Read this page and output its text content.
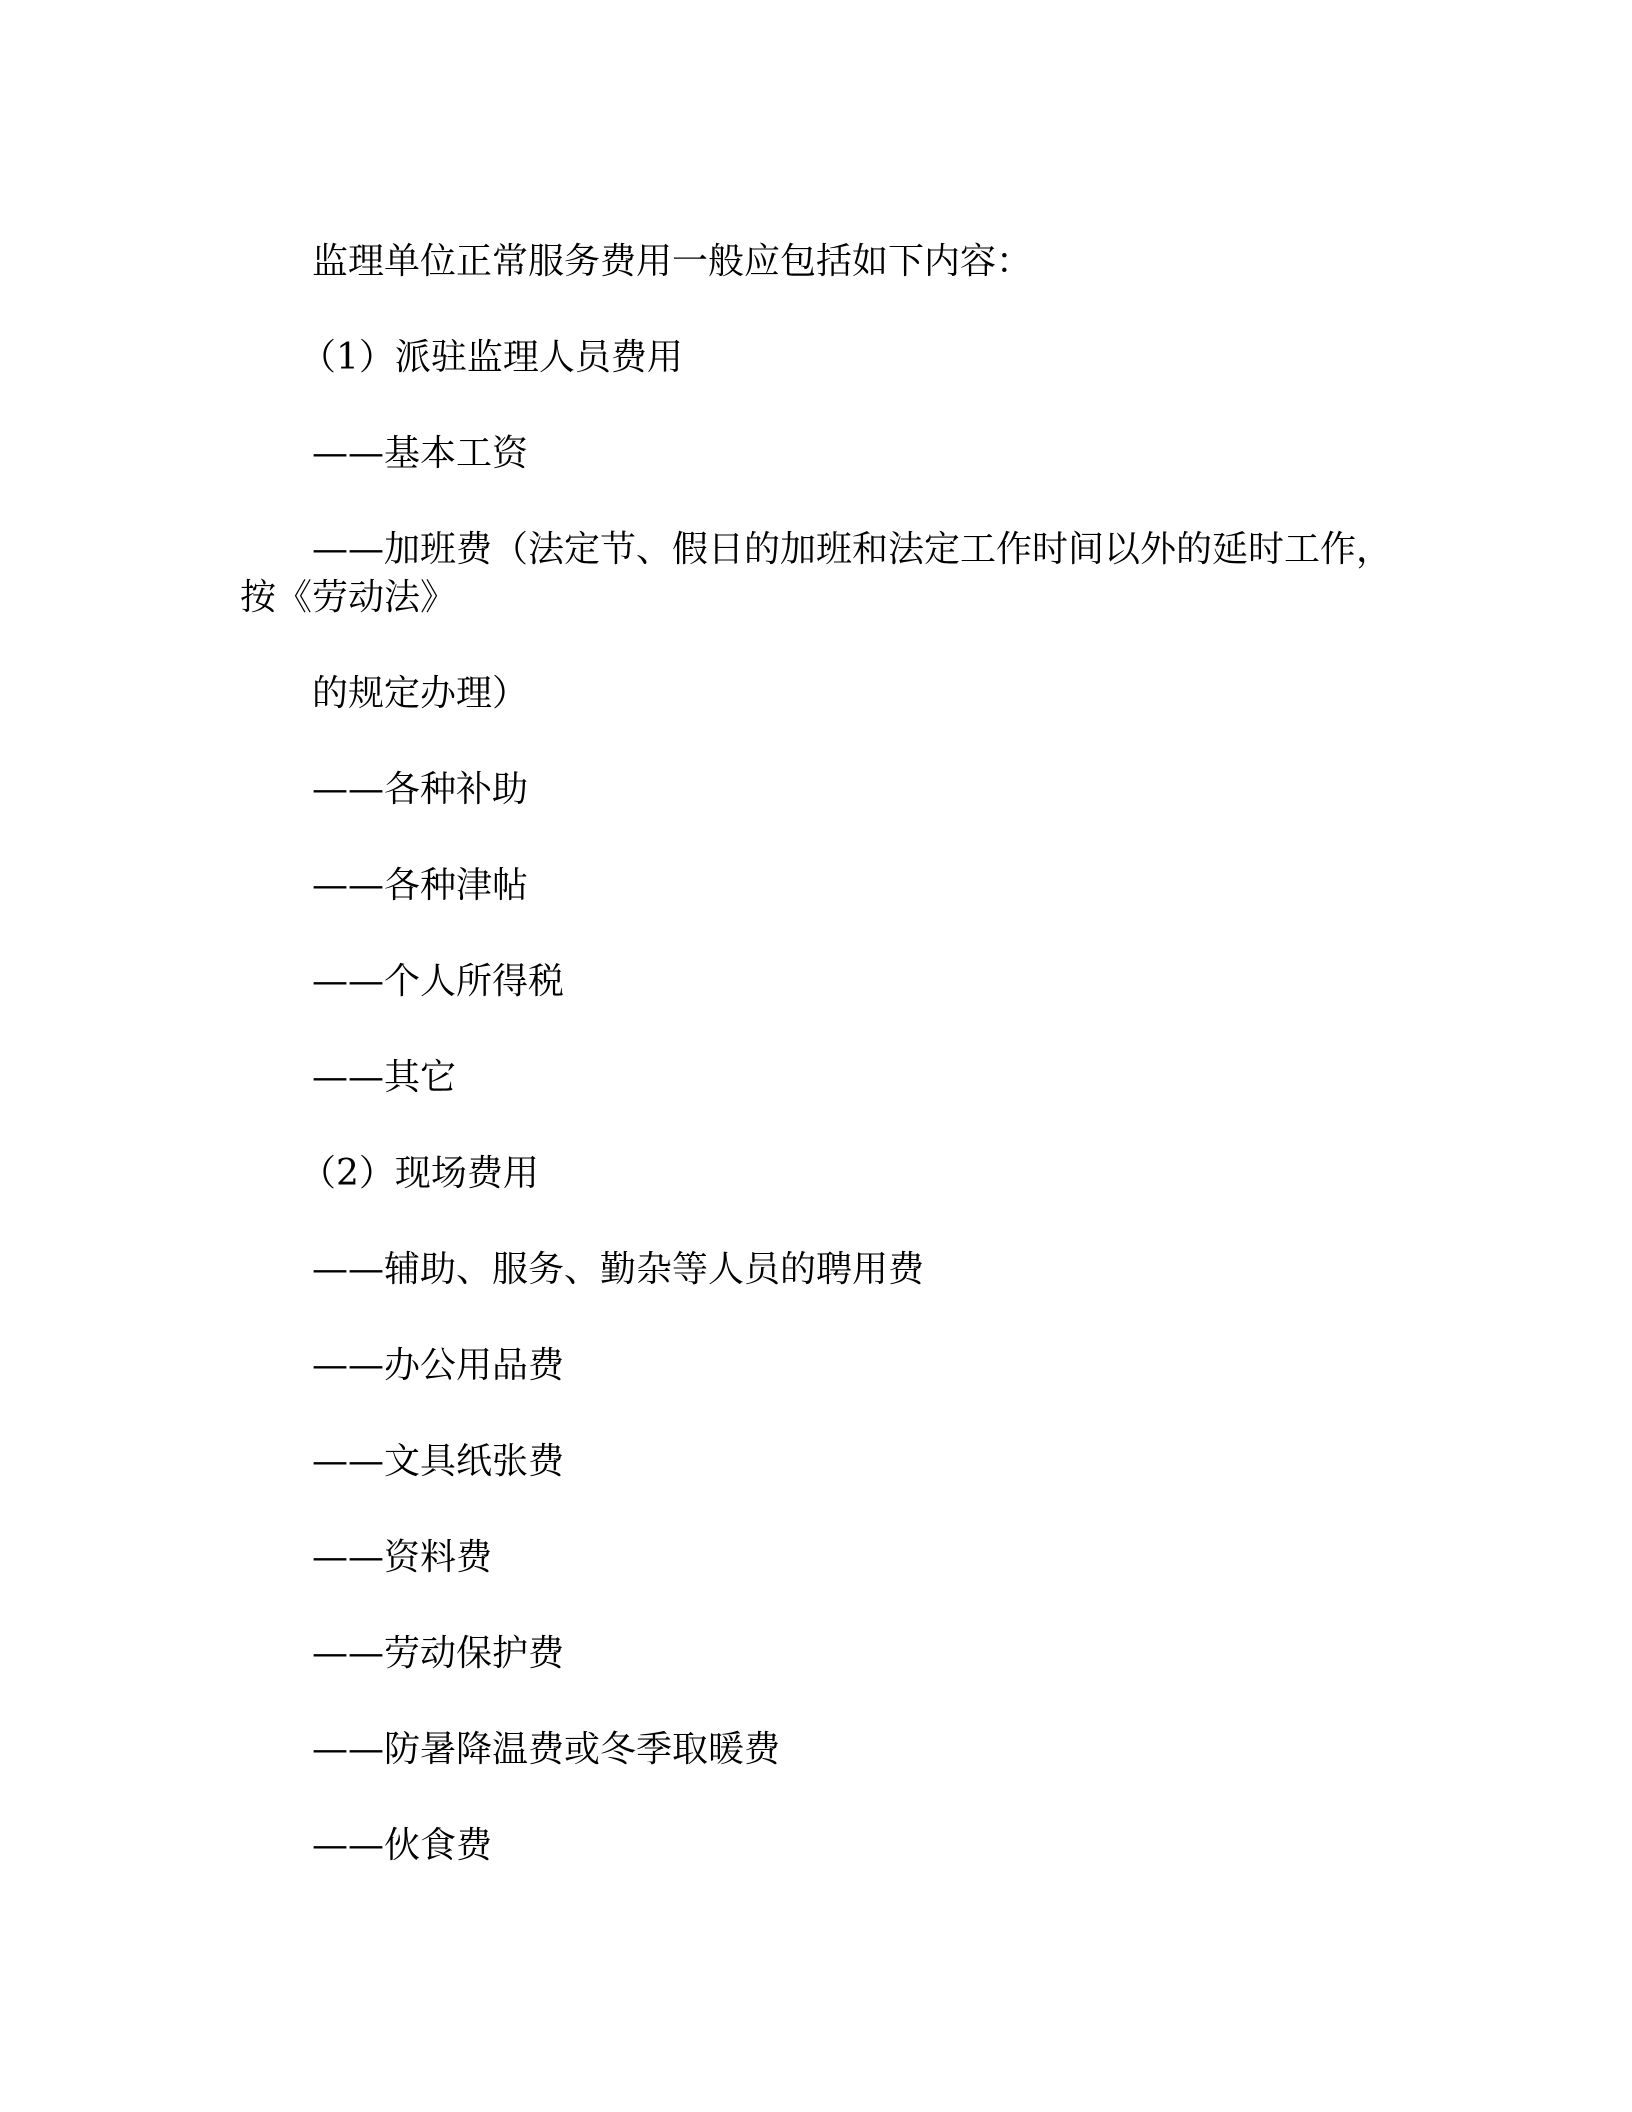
监理单位正常服务费用一般应包括如下内容：

（1）派驻监理人员费用

——基本工资

——加班费（法定节、假日的加班和法定工作时间以外的延时工作，

按《劳动法》

的规定办理）

——各种补助

——各种津帖

——个人所得税

——其它

（2）现场费用

——辅助、服务、勤杂等人员的聘用费

——办公用品费

——文具纸张费

——资料费

——劳动保护费

——防暑降温费或冬季取暖费

——伙食费
